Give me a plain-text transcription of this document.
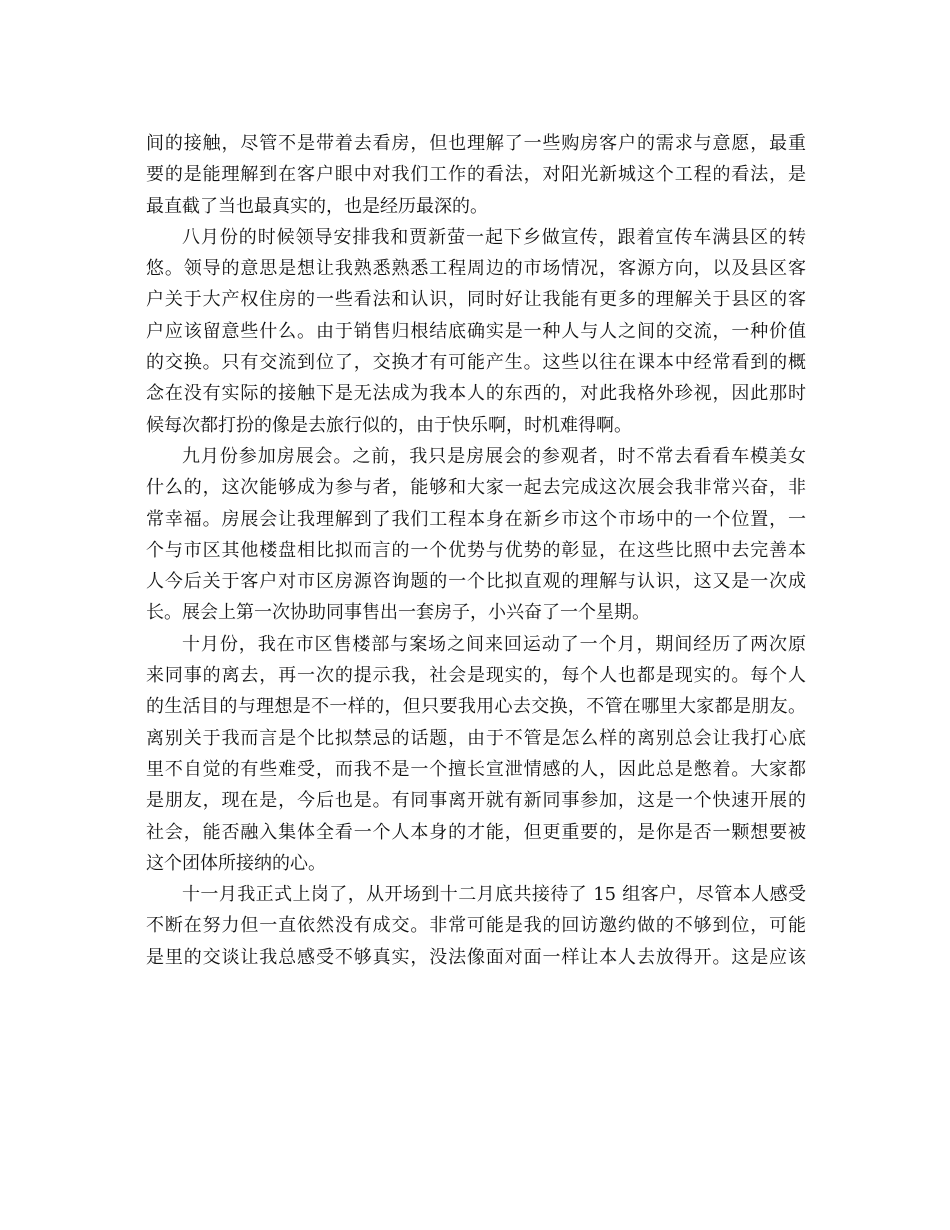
间的接触，尽管不是带着去看房，但也理解了一些购房客户的需求与意愿，最重
要的是能理解到在客户眼中对我们工作的看法，对阳光新城这个工程的看法，是
最直截了当也最真实的，也是经历最深的。
八月份的时候领导安排我和贾新萤一起下乡做宣传，跟着宣传车满县区的转
悠。领导的意思是想让我熟悉熟悉工程周边的市场情况，客源方向，以及县区客
户关于大产权住房的一些看法和认识，同时好让我能有更多的理解关于县区的客
户应该留意些什么。由于销售归根结底确实是一种人与人之间的交流，一种价值
的交换。只有交流到位了，交换才有可能产生。这些以往在课本中经常看到的概
念在没有实际的接触下是无法成为我本人的东西的，对此我格外珍视，因此那时
候每次都打扮的像是去旅行似的，由于快乐啊，时机难得啊。
九月份参加房展会。之前，我只是房展会的参观者，时不常去看看车模美女
什么的，这次能够成为参与者，能够和大家一起去完成这次展会我非常兴奋，非
常幸福。房展会让我理解到了我们工程本身在新乡市这个市场中的一个位置，一
个与市区其他楼盘相比拟而言的一个优势与优势的彰显，在这些比照中去完善本
人今后关于客户对市区房源咨询题的一个比拟直观的理解与认识，这又是一次成
长。展会上第一次协助同事售出一套房子，小兴奋了一个星期。
十月份，我在市区售楼部与案场之间来回运动了一个月，期间经历了两次原
来同事的离去，再一次的提示我，社会是现实的，每个人也都是现实的。每个人
的生活目的与理想是不一样的，但只要我用心去交换，不管在哪里大家都是朋友。
离别关于我而言是个比拟禁忌的话题，由于不管是怎么样的离别总会让我打心底
里不自觉的有些难受，而我不是一个擅长宣泄情感的人，因此总是憋着。大家都
是朋友，现在是，今后也是。有同事离开就有新同事参加，这是一个快速开展的
社会，能否融入集体全看一个人本身的才能，但更重要的，是你是否一颗想要被
这个团体所接纳的心。
十一月我正式上岗了，从开场到十二月底共接待了 15 组客户，尽管本人感受
不断在努力但一直依然没有成交。非常可能是我的回访邀约做的不够到位，可能
是里的交谈让我总感受不够真实，没法像面对面一样让本人去放得开。这是应该
